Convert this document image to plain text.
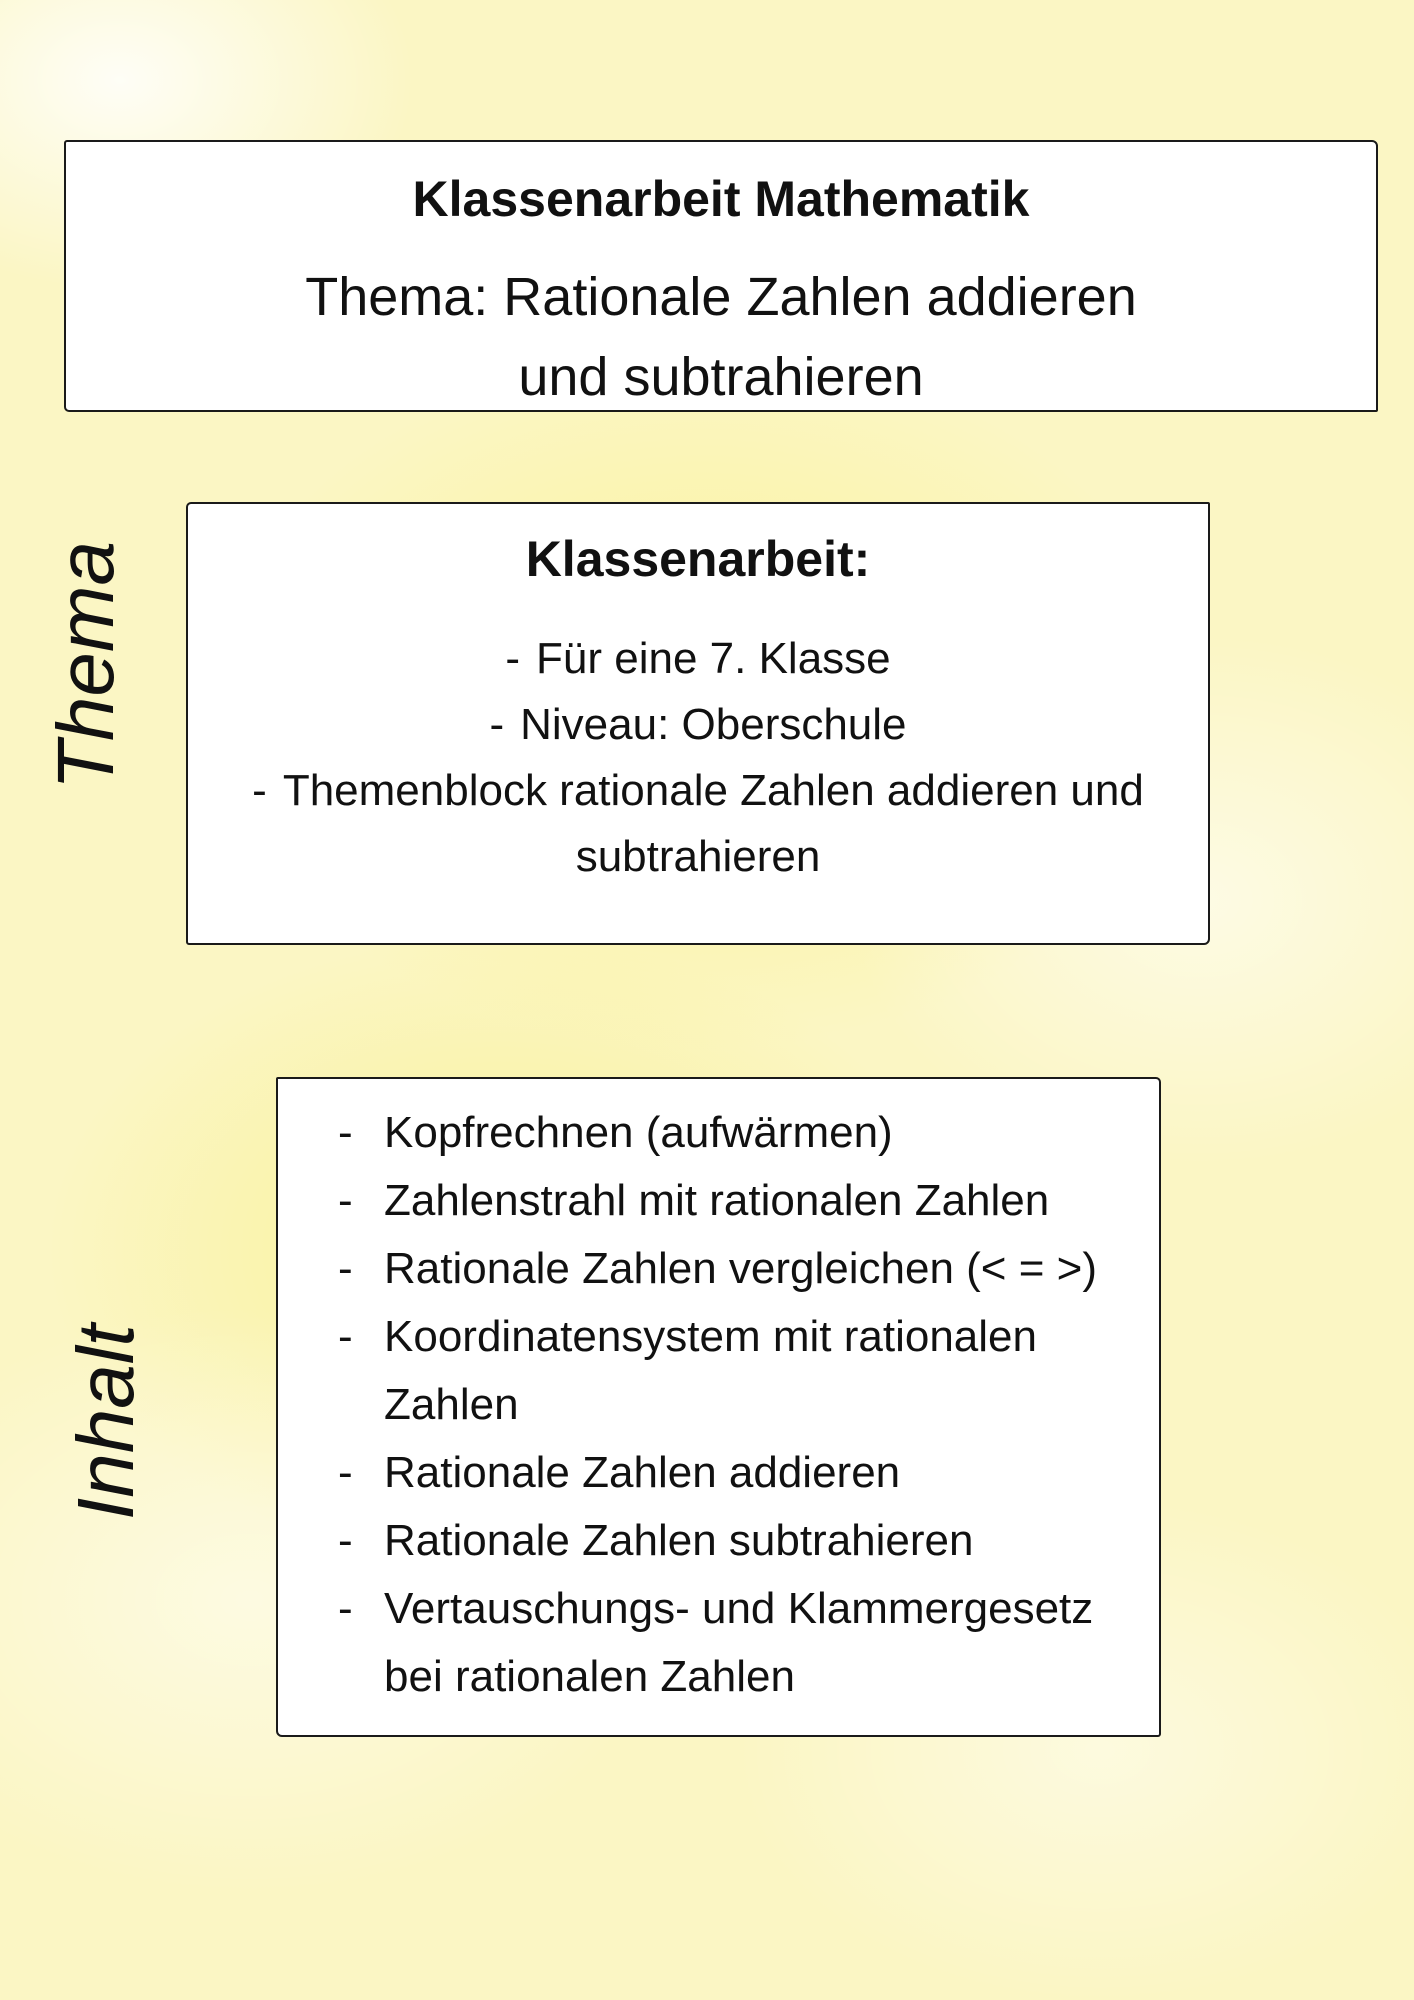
Klassenarbeit Mathematik
Thema: Rationale Zahlen addieren und subtrahieren
Thema	Klassenarbeit:
- Für eine 7. Klasse
- Niveau: Oberschule
- Themenblock rationale Zahlen addieren und subtrahieren
Inhalt
- Kopfrechnen (aufwärmen)
- Zahlenstrahl mit rationalen Zahlen
- Rationale Zahlen vergleichen (< = >)
- Koordinatensystem mit rationalen Zahlen
- Rationale Zahlen addieren
- Rationale Zahlen subtrahieren
- Vertauschungs- und Klammergesetz bei rationalen Zahlen
